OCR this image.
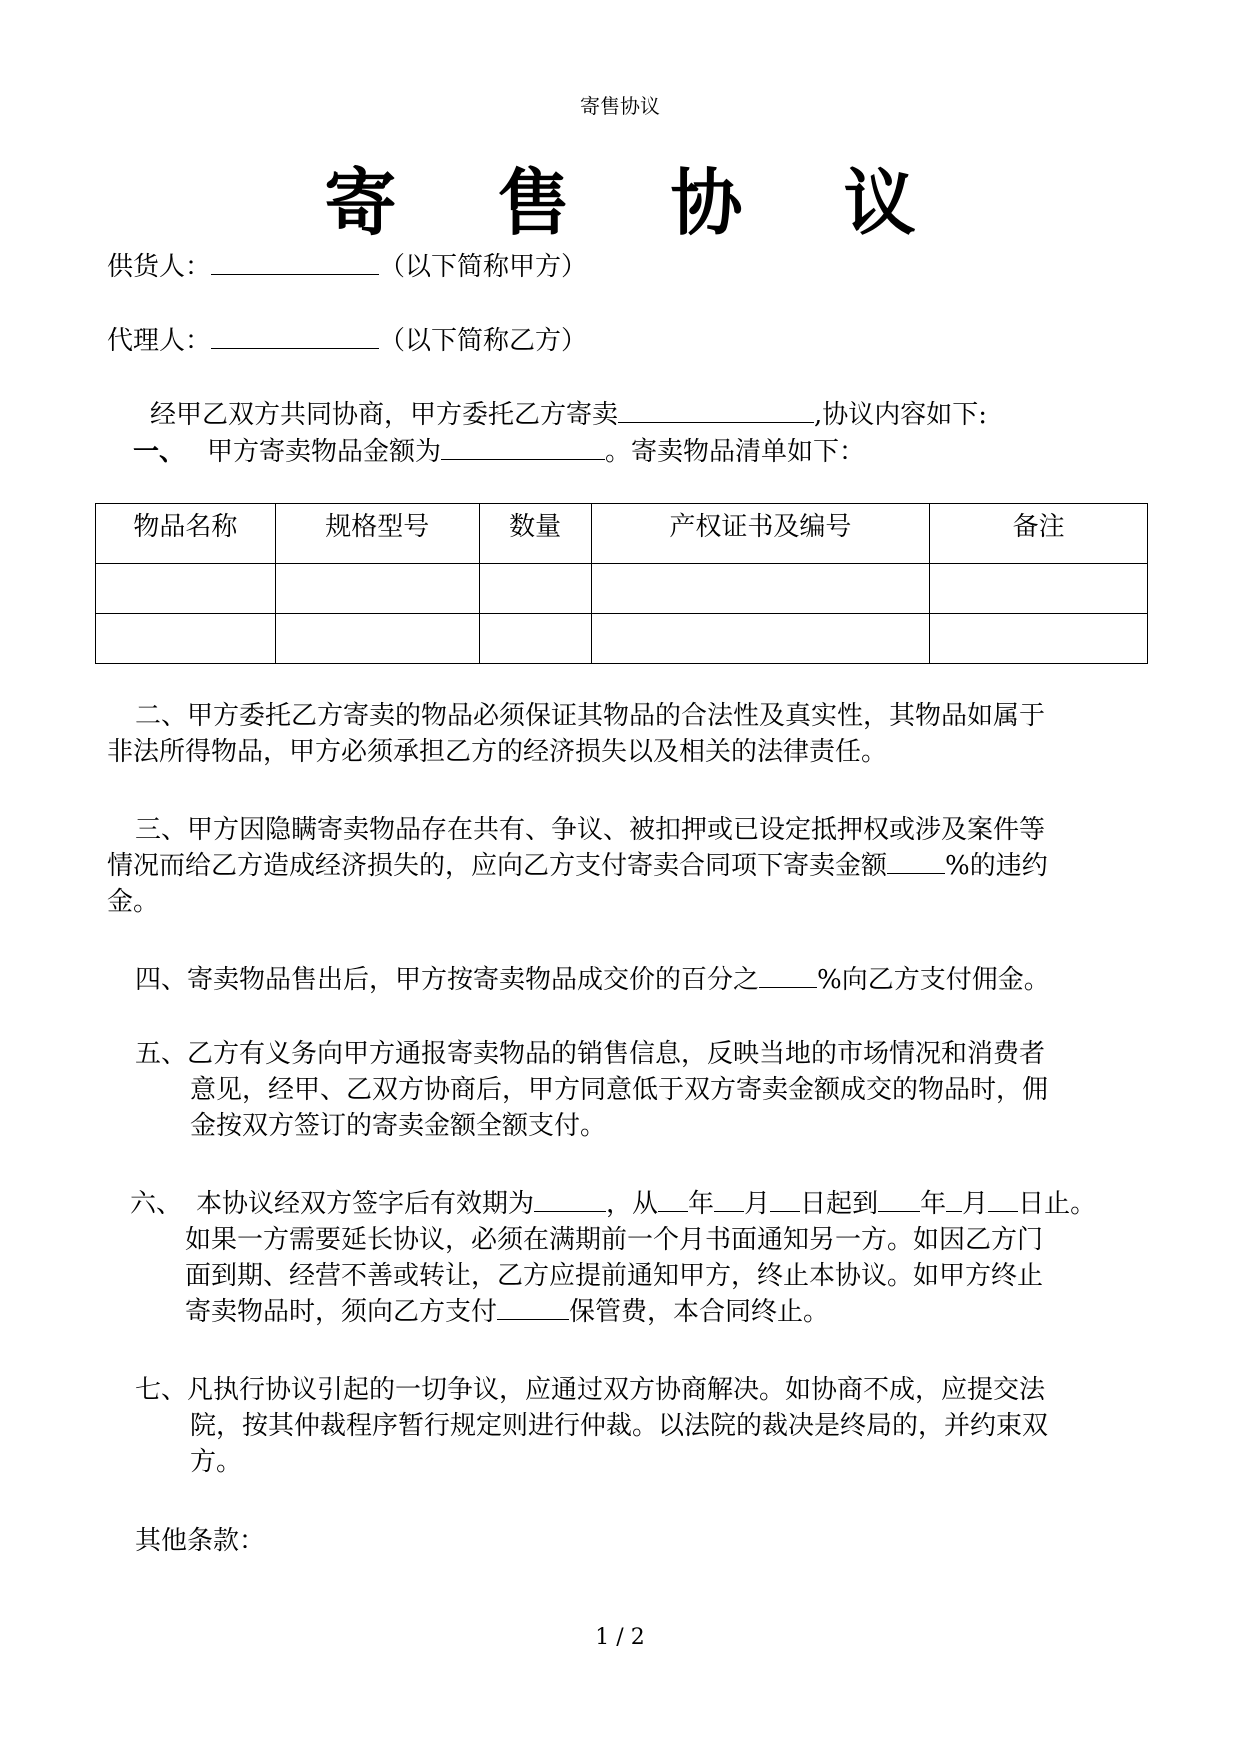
寄售协议
寄 售 协 议
供货人：	（以下简称甲方）
代理人：	（以下简称乙方）
经甲乙双方共同协商，甲方委托乙方寄卖	,协议内容如下:
一、 甲方寄卖物品金额为	。寄卖物品清单如下：
物品名称	规格型号	数量	产权证书及编号	备注

二、甲方委托乙方寄卖的物品必须保证其物品的合法性及真实性，其物品如属于
非法所得物品，甲方必须承担乙方的经济损失以及相关的法律责任。
三、甲方因隐瞒寄卖物品存在共有、争议、被扣押或已设定抵押权或涉及案件等
情况而给乙方造成经济损失的，应向乙方支付寄卖合同项下寄卖金额 %的违约
金。
四、寄卖物品售出后，甲方按寄卖物品成交价的百分之 %向乙方支付佣金。
五、乙方有义务向甲方通报寄卖物品的销售信息，反映当地的市场情况和消费者
意见，经甲、乙双方协商后，甲方同意低于双方寄卖金额成交的物品时，佣
金按双方签订的寄卖金额全额支付。
六、 本协议经双方签字后有效期为	，从 年 月 日起到 年 月 日止。
如果一方需要延长协议，必须在满期前一个月书面通知另一方。如因乙方门
面到期、经营不善或转让，乙方应提前通知甲方，终止本协议。如甲方终止
寄卖物品时，须向乙方支付	保管费，本合同终止。
七、凡执行协议引起的一切争议，应通过双方协商解决。如协商不成，应提交法
院，按其仲裁程序暂行规定则进行仲裁。以法院的裁决是终局的，并约束双
方。
其他条款：
1 / 2
